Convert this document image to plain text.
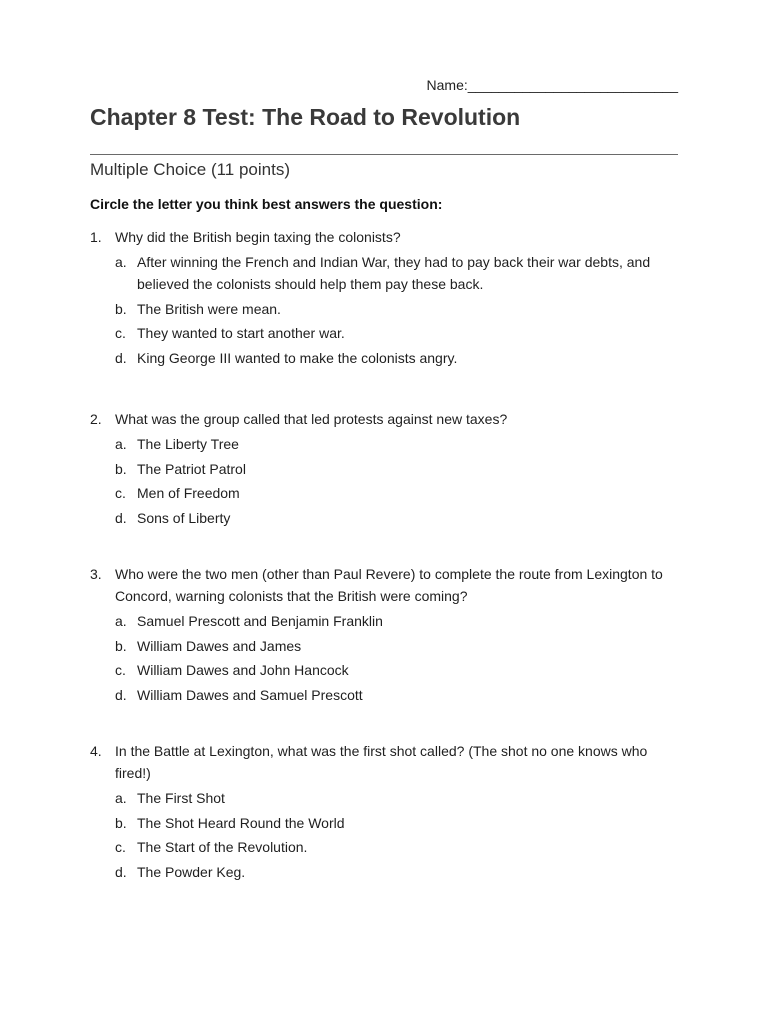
Name:___________________________
Chapter 8 Test: The Road to Revolution
Multiple Choice (11 points)

Circle the letter you think best answers the question:

1. Why did the British begin taxing the colonists?
a. After winning the French and Indian War, they had to pay back their war debts, and believed the colonists should help them pay these back.
b. The British were mean.
c. They wanted to start another war.
d. King George III wanted to make the colonists angry.
2. What was the group called that led protests against new taxes?
a. The Liberty Tree
b. The Patriot Patrol
c. Men of Freedom
d. Sons of Liberty
3. Who were the two men (other than Paul Revere) to complete the route from Lexington to Concord, warning colonists that the British were coming?
a. Samuel Prescott and Benjamin Franklin
b. William Dawes and James
c. William Dawes and John Hancock
d. William Dawes and Samuel Prescott
4. In the Battle at Lexington, what was the first shot called? (The shot no one knows who fired!)
a. The First Shot
b. The Shot Heard Round the World
c. The Start of the Revolution.
d. The Powder Keg.
